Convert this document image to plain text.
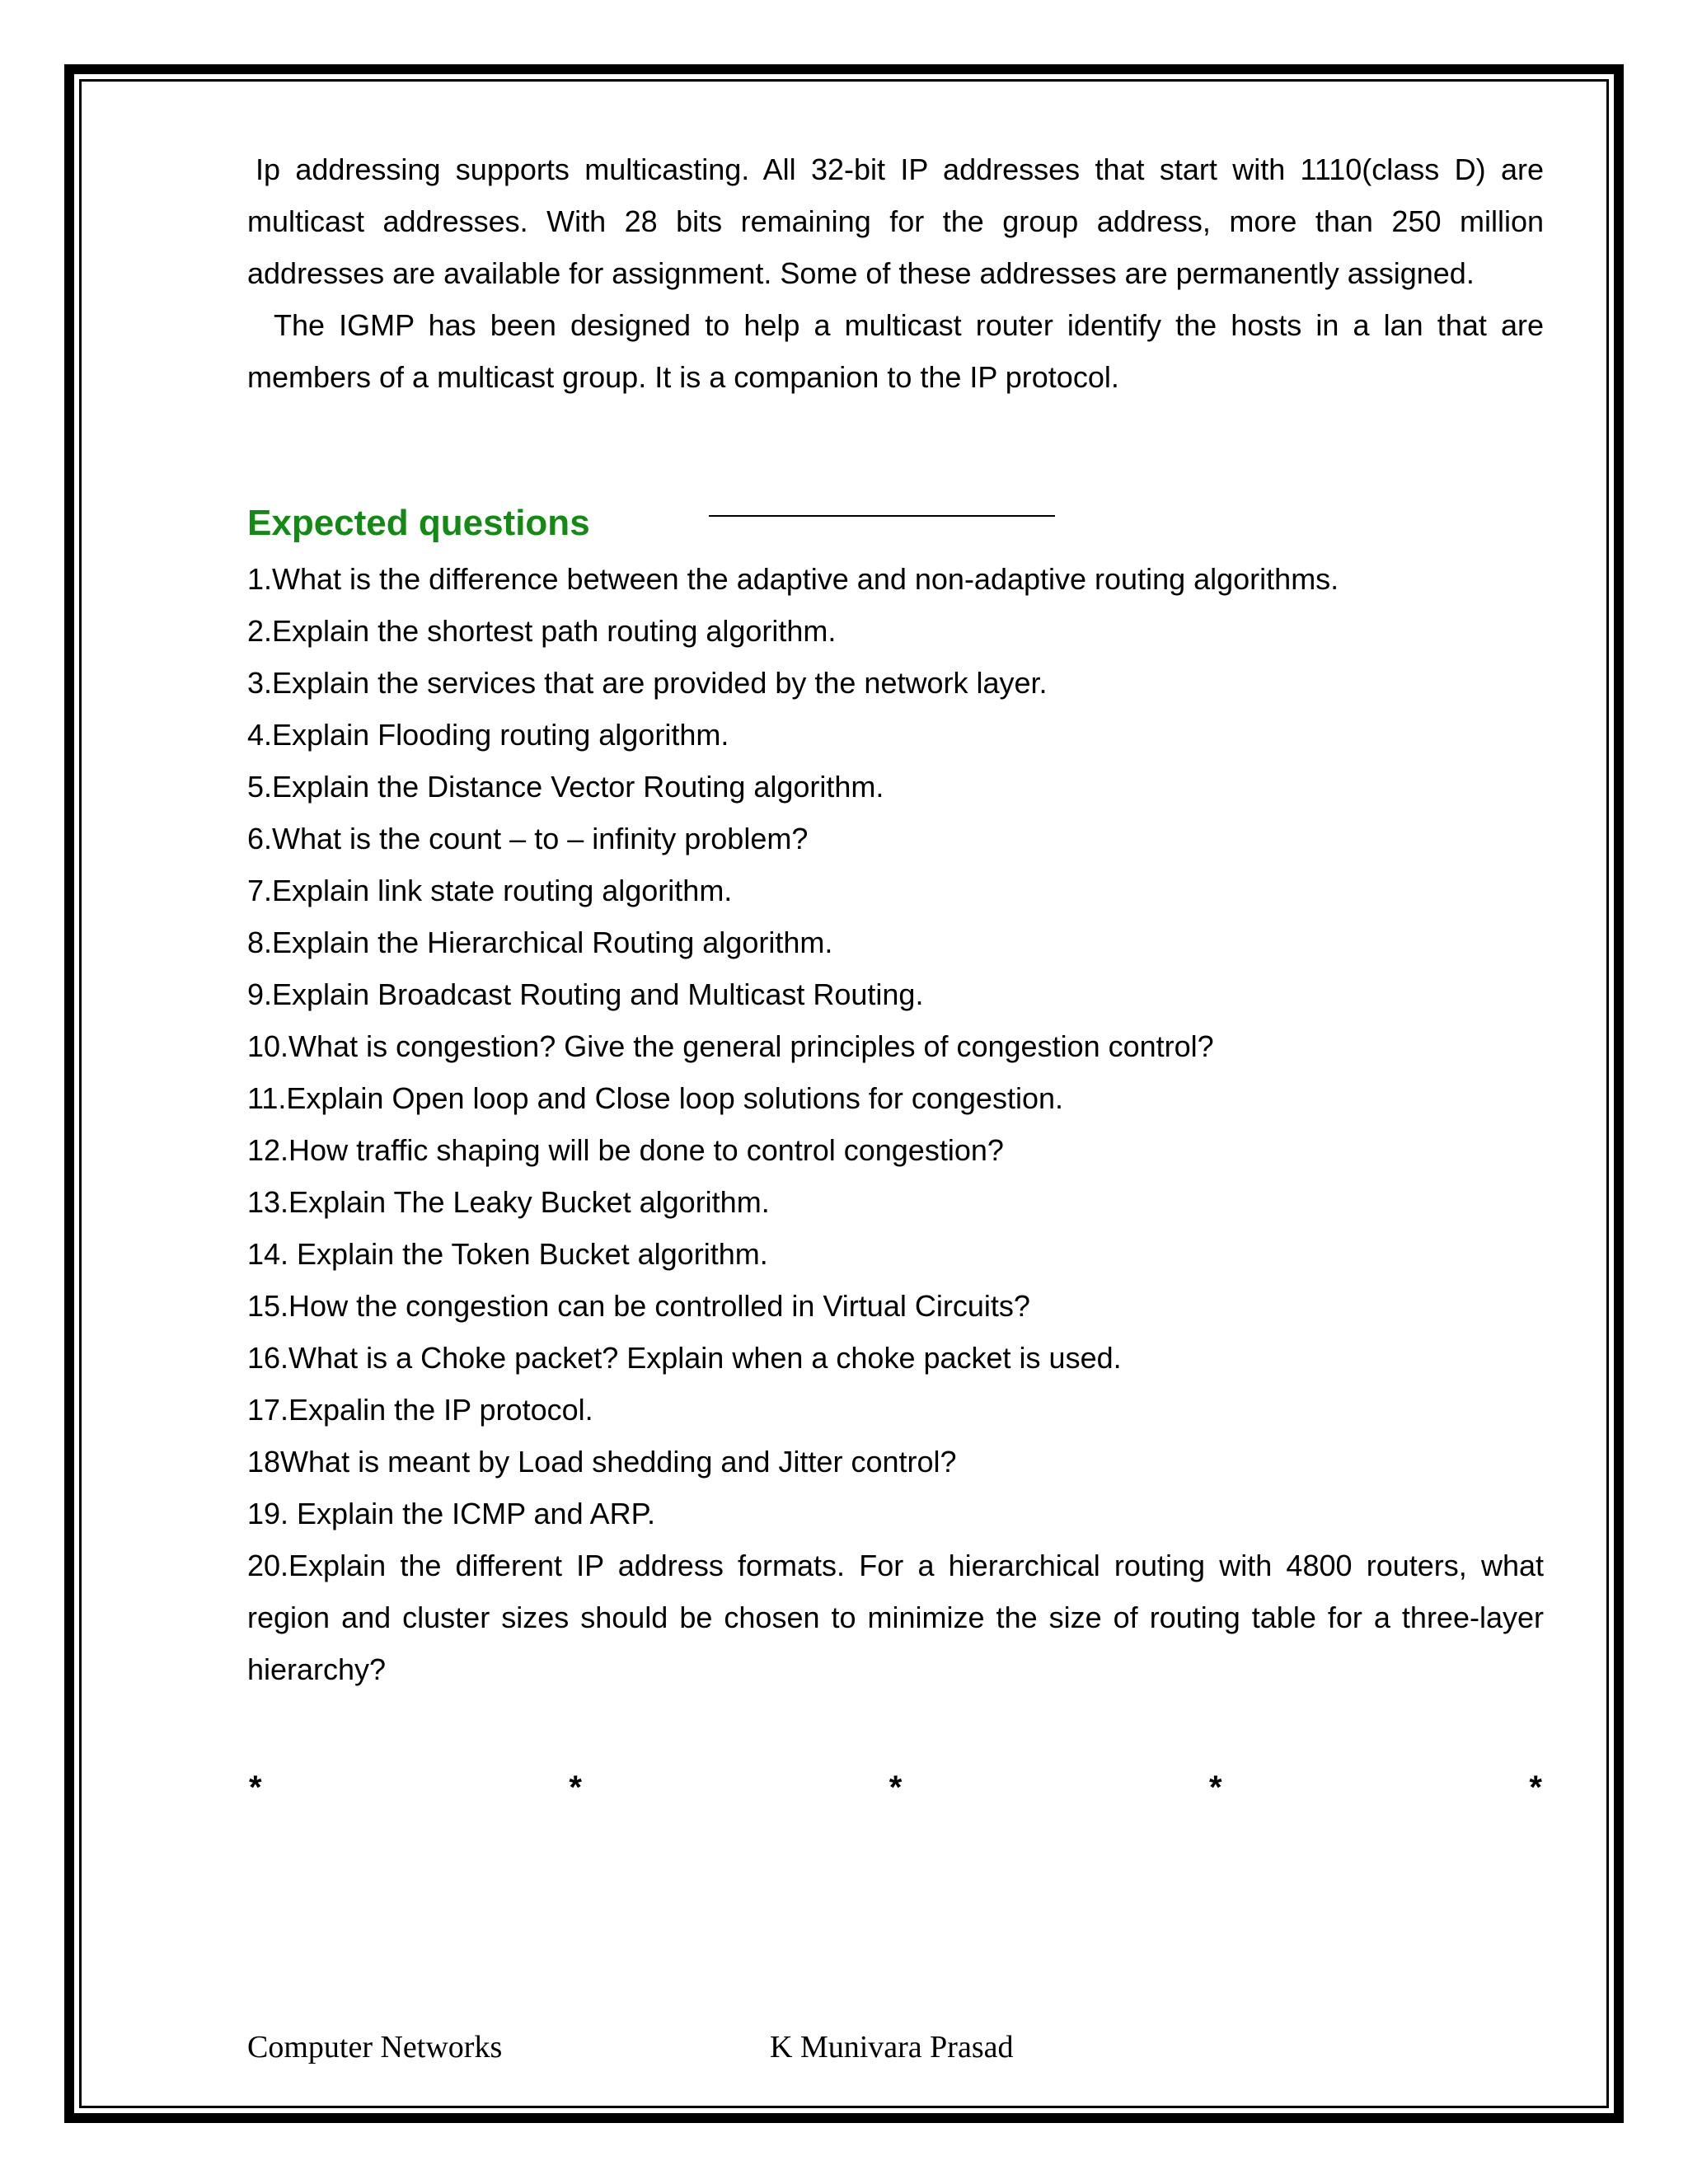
Ip addressing supports multicasting. All 32-bit IP addresses that start with 1110(class D) are multicast addresses. With 28 bits remaining for the group address, more than 250 million addresses are available for assignment. Some of these addresses are permanently assigned.

The IGMP has been designed to help a multicast router identify the hosts in a lan that are members of a multicast group. It is a companion to the IP protocol.

Expected questions
1.What is the difference between the adaptive and non-adaptive routing algorithms.
2.Explain the shortest path routing algorithm.
3.Explain the services that are provided by the network layer.
4.Explain Flooding routing algorithm.
5.Explain the Distance Vector Routing algorithm.
6.What is the count – to – infinity problem?
7.Explain link state routing algorithm.
8.Explain the Hierarchical Routing algorithm.
9.Explain Broadcast Routing and Multicast Routing.
10.What is congestion? Give the general principles of congestion control?
11.Explain Open loop and Close loop solutions for congestion.
12.How traffic shaping will be done to control congestion?
13.Explain The Leaky Bucket algorithm.
14. Explain the Token Bucket algorithm.
15.How the congestion can be controlled in Virtual Circuits?
16.What is a Choke packet? Explain when a choke packet is used.
17.Expalin the IP protocol.
18What is meant by Load shedding and Jitter control?
19. Explain the ICMP and ARP.
20.Explain the different IP address formats. For a hierarchical routing with 4800 routers, what region and cluster sizes should be chosen to minimize the size of routing table for a three-layer hierarchy?
*	*	*	*	*
Computer Networks	K Munivara Prasad
